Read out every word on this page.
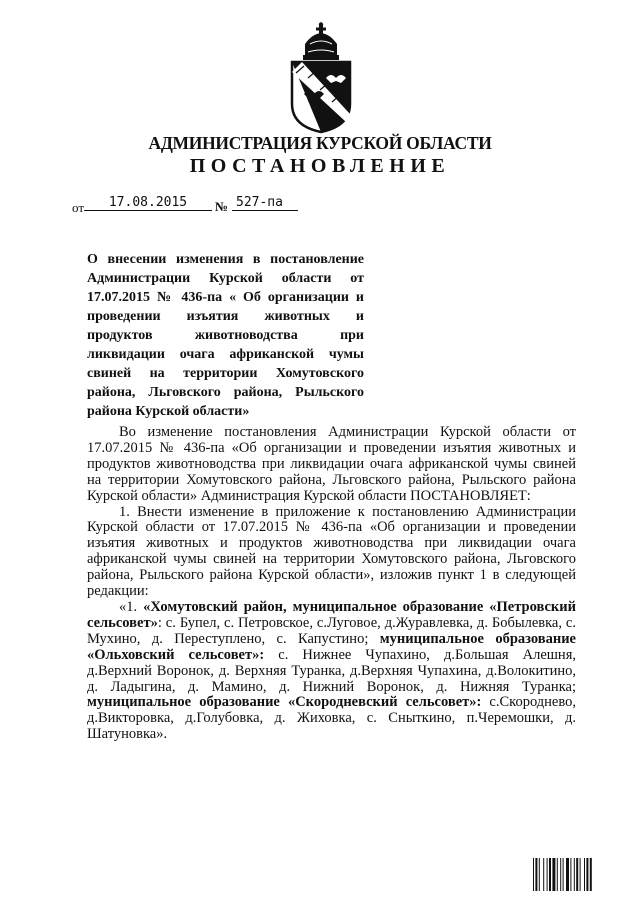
АДМИНИСТРАЦИЯ КУРСКОЙ ОБЛАСТИ
ПОСТАНОВЛЕНИЕ
от	17.08.2015	№ 527-па
О внесении изменения в постановление Администрации Курской области от 17.07.2015 № 436-па « Об организации и проведении изъятия животных и продуктов животноводства при ликвидации очага африканской чумы свиней на территории Хомутовского района, Льговского района, Рыльского района Курской области»

Во изменение постановления Администрации Курской области от 17.07.2015 № 436-па «Об организации и проведении изъятия животных и продуктов животноводства при ликвидации очага африканской чумы свиней на территории Хомутовского района, Льговского района, Рыльского района Курской области» Администрация Курской области ПОСТАНОВЛЯЕТ:

1. Внести изменение в приложение к постановлению Администрации Курской области от 17.07.2015 № 436-па «Об организации и проведении изъятия животных и продуктов животноводства при ликвидации очага африканской чумы свиней на территории Хомутовского района, Льговского района, Рыльского района Курской области», изложив пункт 1 в следующей редакции:

«1. «Хомутовский район, муниципальное образование «Петровский сельсовет»: с. Бупел, с. Петровское, с.Луговое, д.Журавлевка, д. Бобылевка, с. Мухино, д. Переступлено, с. Капустино; муниципальное образование «Ольховский сельсовет»: с. Нижнее Чупахино, д.Большая Алешня, д.Верхний Воронок, д. Верхняя Туранка, д.Верхняя Чупахина, д.Волокитино, д. Ладыгина, д. Мамино, д. Нижний Воронок, д. Нижняя Туранка; муниципальное образование «Скородневский сельсовет»: с.Скороднево, д.Викторовка, д.Голубовка, д. Жиховка, с. Сныткино, п.Черемошки, д. Шатуновка».
